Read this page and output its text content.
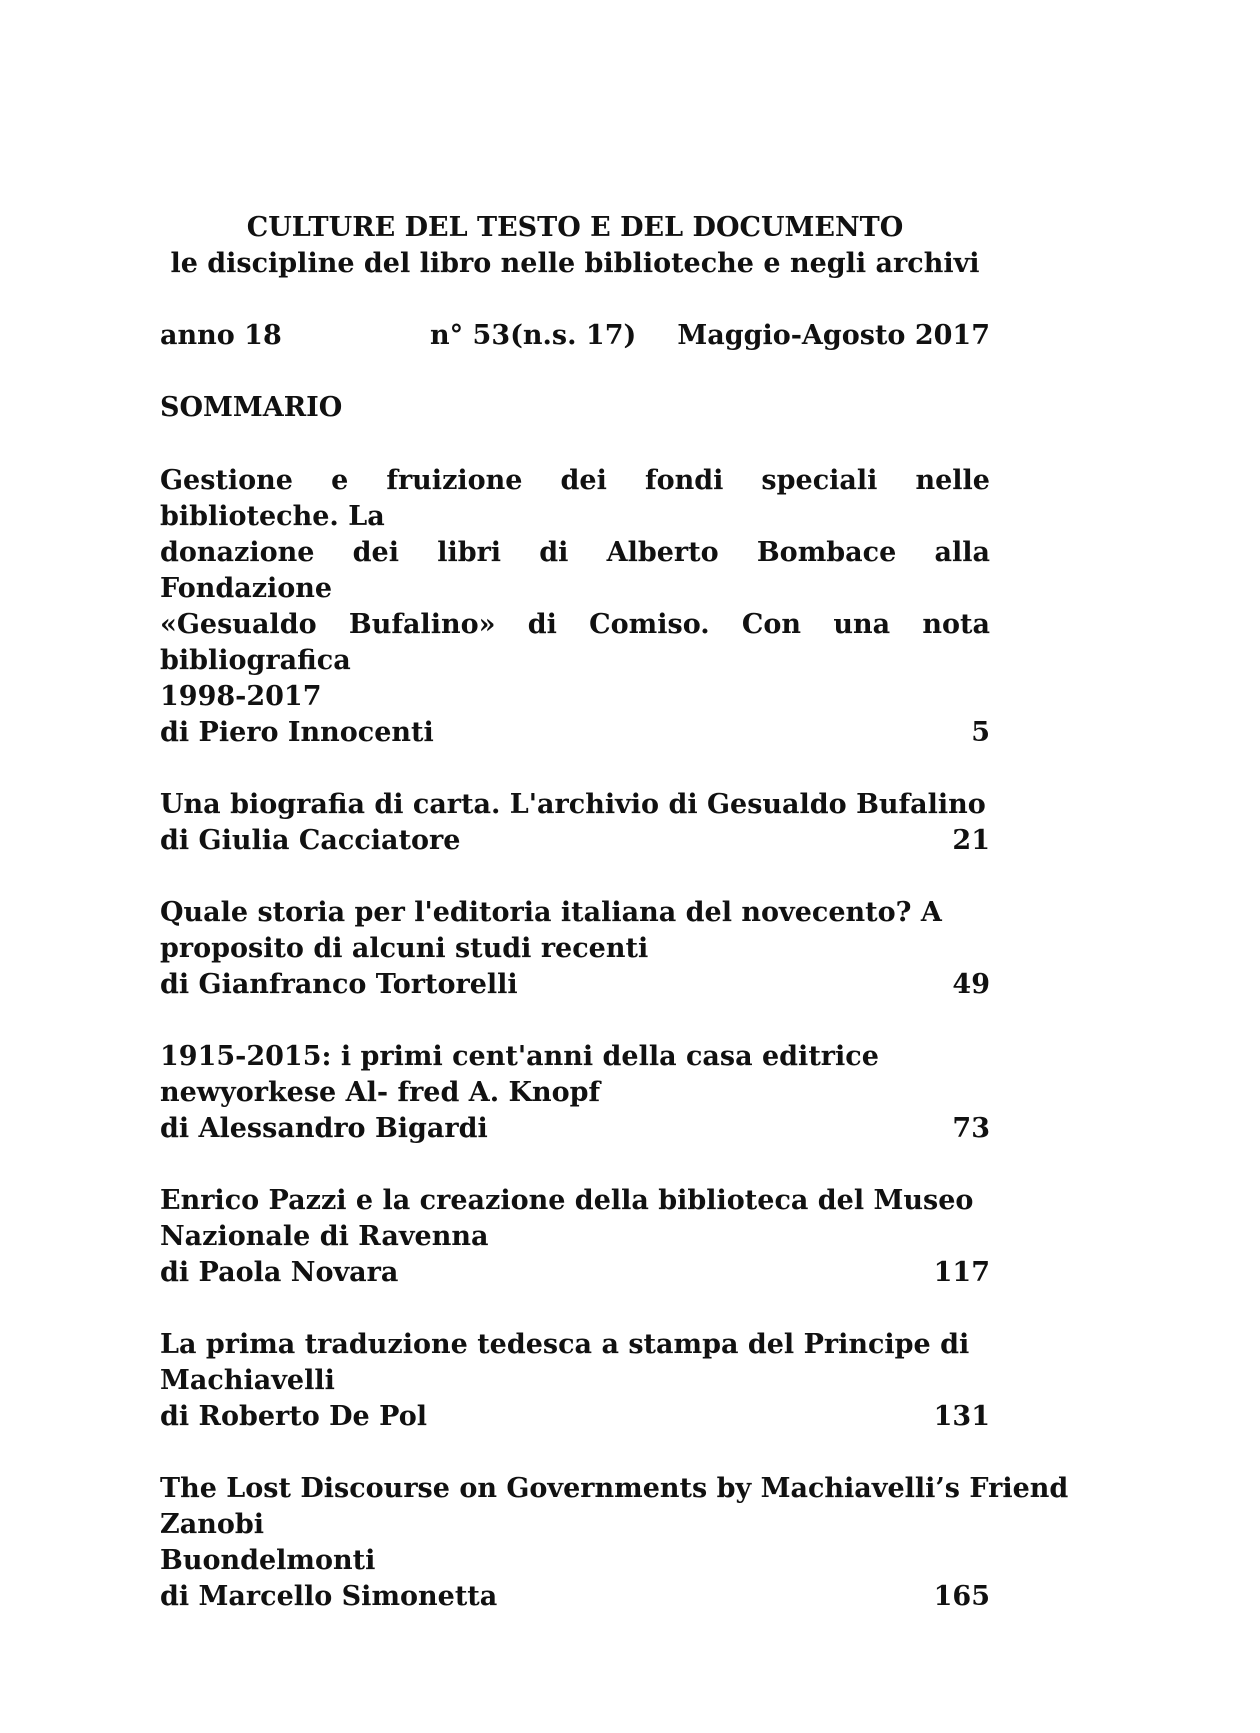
CULTURE DEL TESTO E DEL DOCUMENTO
le discipline del libro nelle biblioteche e negli archivi
anno 18	n° 53(n.s. 17) Maggio-Agosto 2017
SOMMARIO
Gestione e fruizione dei fondi speciali nelle biblioteche. La
donazione dei libri di Alberto Bombace alla Fondazione
«Gesualdo Bufalino» di Comiso. Con una nota bibliografica
1998-2017
di Piero Innocenti	5
Una biografia di carta. L'archivio di Gesualdo Bufalino
di Giulia Cacciatore	21
Quale storia per l'editoria italiana del novecento? A
proposito di alcuni studi recenti
di Gianfranco Tortorelli	49
1915-2015: i primi cent'anni della casa editrice
newyorkese Al- fred A. Knopf
di Alessandro Bigardi	73
Enrico Pazzi e la creazione della biblioteca del Museo
Nazionale di Ravenna
di Paola Novara	117
La prima traduzione tedesca a stampa del Principe di
Machiavelli
di Roberto De Pol	131
The Lost Discourse on Governments by Machiavelli’s Friend
Zanobi
Buondelmonti
di Marcello Simonetta	165
